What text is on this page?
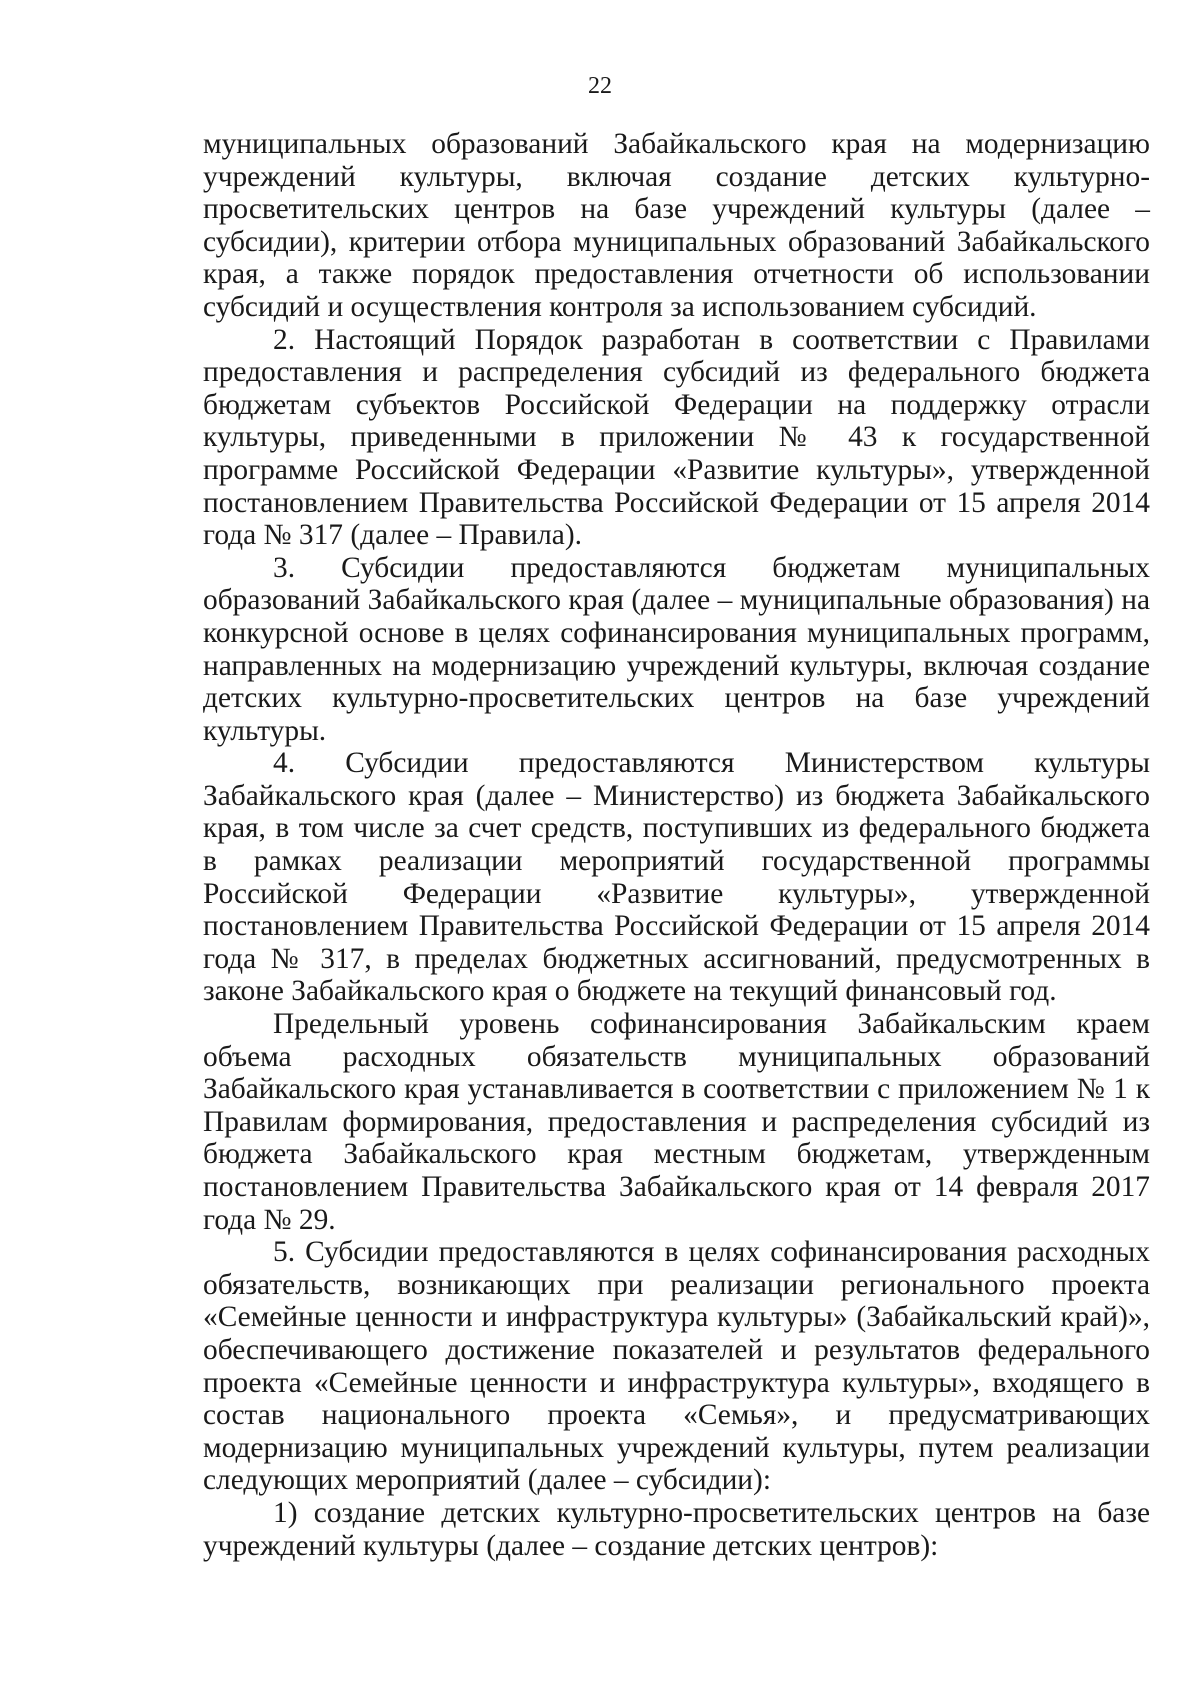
22

муниципальных образований Забайкальского края на модернизацию учреждений культуры, включая создание детских культурно-просветительских центров на базе учреждений культуры (далее – субсидии), критерии отбора муниципальных образований Забайкальского края, а также порядок предоставления отчетности об использовании субсидий и осуществления контроля за использованием субсидий.

2. Настоящий Порядок разработан в соответствии с Правилами предоставления и распределения субсидий из федерального бюджета бюджетам субъектов Российской Федерации на поддержку отрасли культуры, приведенными в приложении № 43 к государственной программе Российской Федерации «Развитие культуры», утвержденной постановлением Правительства Российской Федерации от 15 апреля 2014 года № 317 (далее – Правила).

3. Субсидии предоставляются бюджетам муниципальных образований Забайкальского края (далее – муниципальные образования) на конкурсной основе в целях софинансирования муниципальных программ, направленных на модернизацию учреждений культуры, включая создание детских культурно-просветительских центров на базе учреждений культуры.

4. Субсидии предоставляются Министерством культуры Забайкальского края (далее – Министерство) из бюджета Забайкальского края, в том числе за счет средств, поступивших из федерального бюджета в рамках реализации мероприятий государственной программы Российской Федерации «Развитие культуры», утвержденной постановлением Правительства Российской Федерации от 15 апреля 2014 года № 317, в пределах бюджетных ассигнований, предусмотренных в законе Забайкальского края о бюджете на текущий финансовый год.

Предельный уровень софинансирования Забайкальским краем объема расходных обязательств муниципальных образований Забайкальского края устанавливается в соответствии с приложением № 1 к Правилам формирования, предоставления и распределения субсидий из бюджета Забайкальского края местным бюджетам, утвержденным постановлением Правительства Забайкальского края от 14 февраля 2017 года № 29.

5. Субсидии предоставляются в целях софинансирования расходных обязательств, возникающих при реализации регионального проекта «Семейные ценности и инфраструктура культуры» (Забайкальский край)», обеспечивающего достижение показателей и результатов федерального проекта «Семейные ценности и инфраструктура культуры», входящего в состав национального проекта «Семья», и предусматривающих модернизацию муниципальных учреждений культуры, путем реализации следующих мероприятий (далее – субсидии):

1) создание детских культурно-просветительских центров на базе учреждений культуры (далее – создание детских центров):
